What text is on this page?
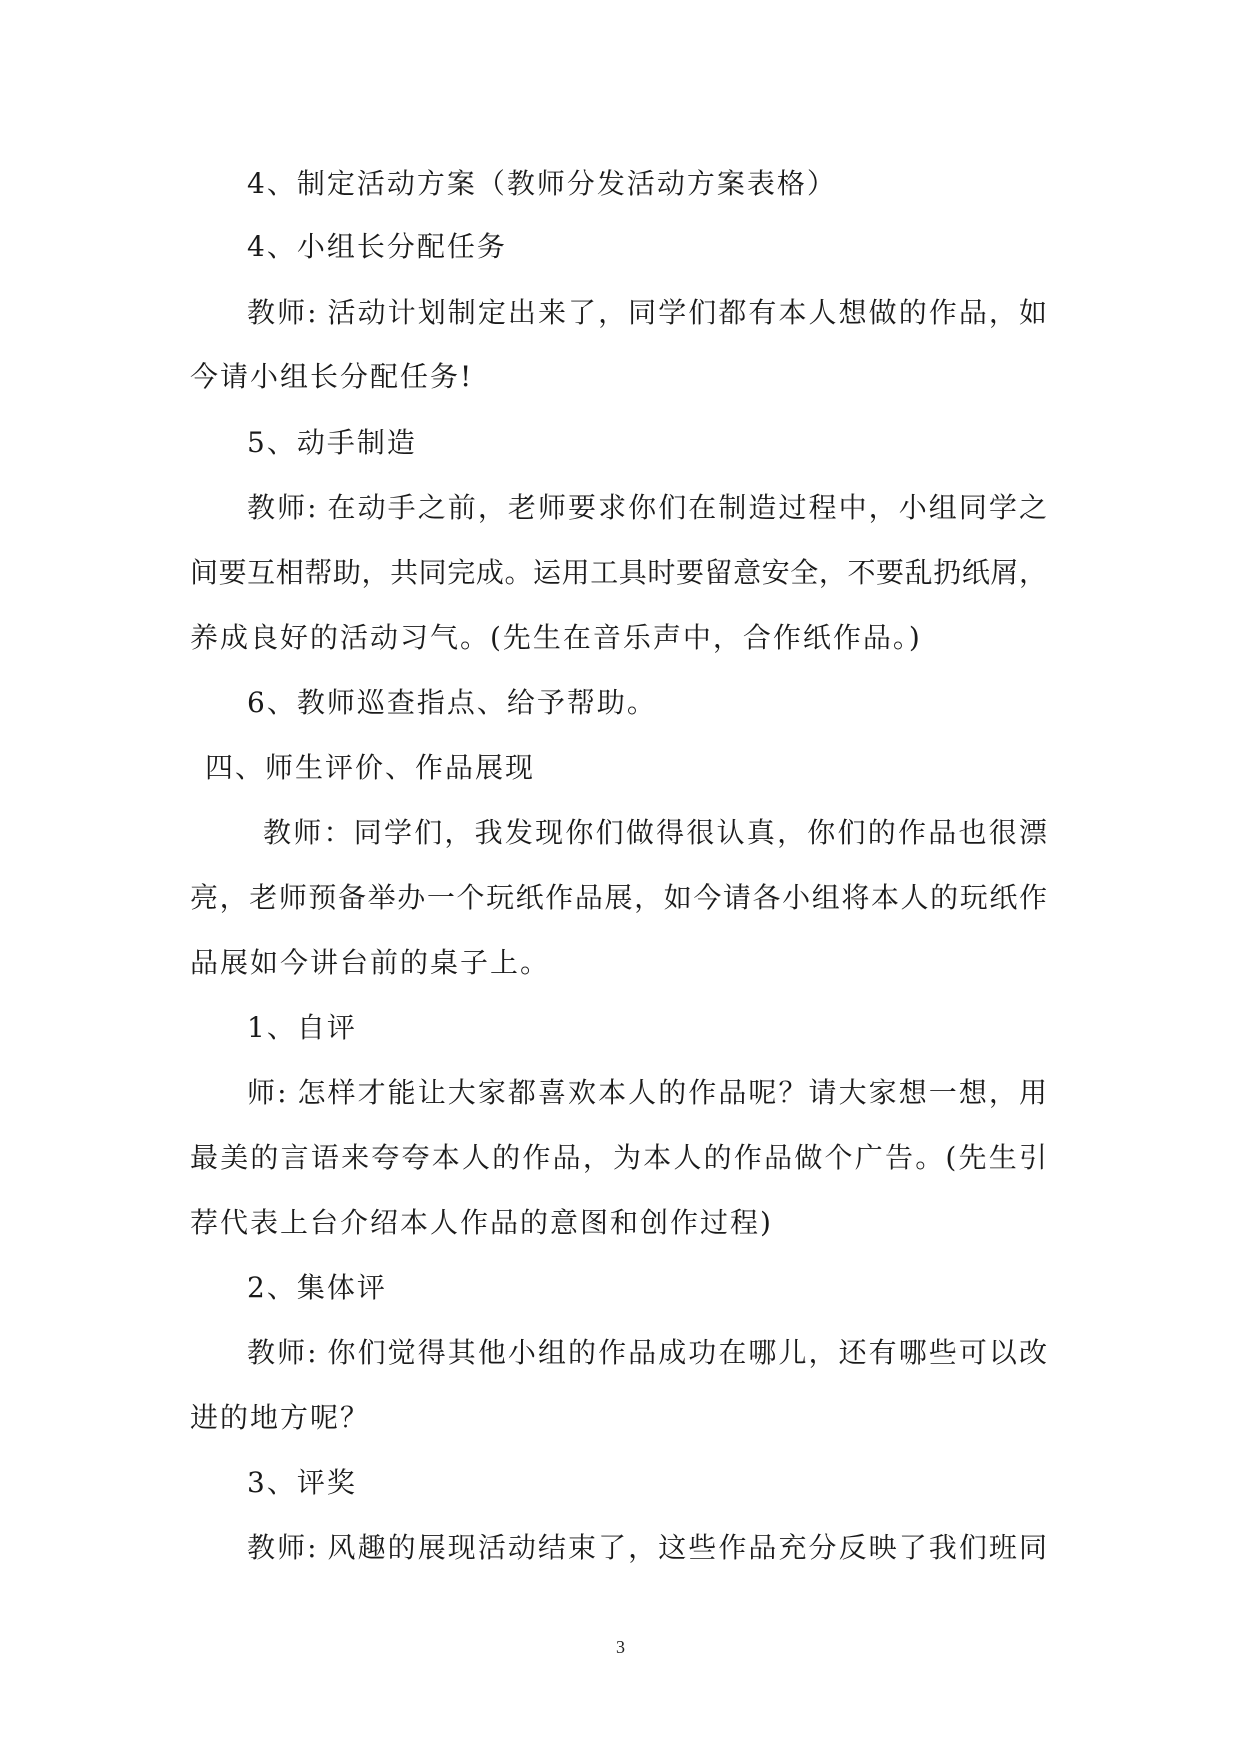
4、制定活动方案（教师分发活动方案表格）
4、小组长分配任务
教师: 活动计划制定出来了，同学们都有本人想做的作品，如
今请小组长分配任务!
5、动手制造
教师: 在动手之前，老师要求你们在制造过程中，小组同学之
间要互相帮助，共同完成。运用工具时要留意安全，不要乱扔纸屑，
养成良好的活动习气。(先生在音乐声中，合作纸作品。)
6、教师巡查指点、给予帮助。
四、师生评价、作品展现
教师：同学们，我发现你们做得很认真，你们的作品也很漂
亮，老师预备举办一个玩纸作品展，如今请各小组将本人的玩纸作
品展如今讲台前的桌子上。
1、自评
师: 怎样才能让大家都喜欢本人的作品呢？请大家想一想，用
最美的言语来夸夸本人的作品，为本人的作品做个广告。(先生引
荐代表上台介绍本人作品的意图和创作过程)
2、集体评
教师: 你们觉得其他小组的作品成功在哪儿，还有哪些可以改
进的地方呢？
3、评奖
教师: 风趣的展现活动结束了，这些作品充分反映了我们班同
3
